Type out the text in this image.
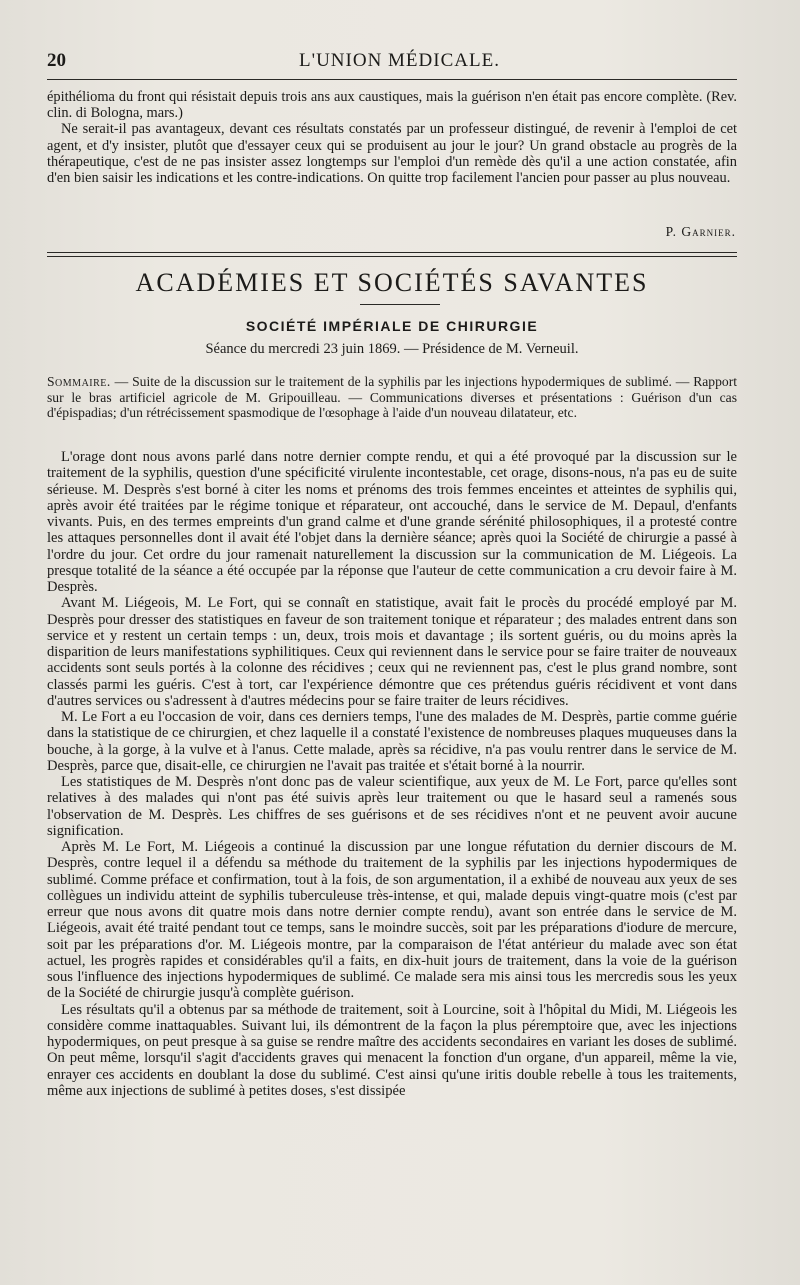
20	L'UNION MÉDICALE.

épithélioma du front qui résistait depuis trois ans aux caustiques, mais la guérison n'en était pas encore complète. (Rev. clin. di Bologna, mars.)

Ne serait-il pas avantageux, devant ces résultats constatés par un professeur distingué, de revenir à l'emploi de cet agent, et d'y insister, plutôt que d'essayer ceux qui se produisent au jour le jour? Un grand obstacle au progrès de la thérapeutique, c'est de ne pas insister assez longtemps sur l'emploi d'un remède dès qu'il a une action constatée, afin d'en bien saisir les indications et les contre-indications. On quitte trop facilement l'ancien pour passer au plus nouveau.

P. Garnier.
ACADÉMIES ET SOCIÉTÉS SAVANTES
SOCIÉTÉ IMPÉRIALE DE CHIRURGIE
Séance du mercredi 23 juin 1869. — Présidence de M. Verneuil.

Sommaire. — Suite de la discussion sur le traitement de la syphilis par les injections hypodermiques de sublimé. — Rapport sur le bras artificiel agricole de M. Gripouilleau. — Communications diverses et présentations : Guérison d'un cas d'épispadias; d'un rétrécissement spasmodique de l'œsophage à l'aide d'un nouveau dilatateur, etc.

L'orage dont nous avons parlé dans notre dernier compte rendu, et qui a été provoqué par la discussion sur le traitement de la syphilis, question d'une spécificité virulente incontestable, cet orage, disons-nous, n'a pas eu de suite sérieuse. M. Desprès s'est borné à citer les noms et prénoms des trois femmes enceintes et atteintes de syphilis qui, après avoir été traitées par le régime tonique et réparateur, ont accouché, dans le service de M. Depaul, d'enfants vivants. Puis, en des termes empreints d'un grand calme et d'une grande sérénité philosophiques, il a protesté contre les attaques personnelles dont il avait été l'objet dans la dernière séance; après quoi la Société de chirurgie a passé à l'ordre du jour. Cet ordre du jour ramenait naturellement la discussion sur la communication de M. Liégeois. La presque totalité de la séance a été occupée par la réponse que l'auteur de cette communication a cru devoir faire à M. Desprès.

Avant M. Liégeois, M. Le Fort, qui se connaît en statistique, avait fait le procès du procédé employé par M. Desprès pour dresser des statistiques en faveur de son traitement tonique et réparateur ; des malades entrent dans son service et y restent un certain temps : un, deux, trois mois et davantage ; ils sortent guéris, ou du moins après la disparition de leurs manifestations syphilitiques. Ceux qui reviennent dans le service pour se faire traiter de nouveaux accidents sont seuls portés à la colonne des récidives ; ceux qui ne reviennent pas, c'est le plus grand nombre, sont classés parmi les guéris. C'est à tort, car l'expérience démontre que ces prétendus guéris récidivent et vont dans d'autres services ou s'adressent à d'autres médecins pour se faire traiter de leurs récidives.

M. Le Fort a eu l'occasion de voir, dans ces derniers temps, l'une des malades de M. Desprès, partie comme guérie dans la statistique de ce chirurgien, et chez laquelle il a constaté l'existence de nombreuses plaques muqueuses dans la bouche, à la gorge, à la vulve et à l'anus. Cette malade, après sa récidive, n'a pas voulu rentrer dans le service de M. Desprès, parce que, disait-elle, ce chirurgien ne l'avait pas traitée et s'était borné à la nourrir.

Les statistiques de M. Desprès n'ont donc pas de valeur scientifique, aux yeux de M. Le Fort, parce qu'elles sont relatives à des malades qui n'ont pas été suivis après leur traitement ou que le hasard seul a ramenés sous l'observation de M. Desprès. Les chiffres de ses guérisons et de ses récidives n'ont et ne peuvent avoir aucune signification.

Après M. Le Fort, M. Liégeois a continué la discussion par une longue réfutation du dernier discours de M. Desprès, contre lequel il a défendu sa méthode du traitement de la syphilis par les injections hypodermiques de sublimé. Comme préface et confirmation, tout à la fois, de son argumentation, il a exhibé de nouveau aux yeux de ses collègues un individu atteint de syphilis tuberculeuse très-intense, et qui, malade depuis vingt-quatre mois (c'est par erreur que nous avons dit quatre mois dans notre dernier compte rendu), avant son entrée dans le service de M. Liégeois, avait été traité pendant tout ce temps, sans le moindre succès, soit par les préparations d'iodure de mercure, soit par les préparations d'or. M. Liégeois montre, par la comparaison de l'état antérieur du malade avec son état actuel, les progrès rapides et considérables qu'il a faits, en dix-huit jours de traitement, dans la voie de la guérison sous l'influence des injections hypodermiques de sublimé. Ce malade sera mis ainsi tous les mercredis sous les yeux de la Société de chirurgie jusqu'à complète guérison.

Les résultats qu'il a obtenus par sa méthode de traitement, soit à Lourcine, soit à l'hôpital du Midi, M. Liégeois les considère comme inattaquables. Suivant lui, ils démontrent de la façon la plus péremptoire que, avec les injections hypodermiques, on peut presque à sa guise se rendre maître des accidents secondaires en variant les doses de sublimé. On peut même, lorsqu'il s'agit d'accidents graves qui menacent la fonction d'un organe, d'un appareil, même la vie, enrayer ces accidents en doublant la dose du sublimé. C'est ainsi qu'une iritis double rebelle à tous les traitements, même aux injections de sublimé à petites doses, s'est dissipée
